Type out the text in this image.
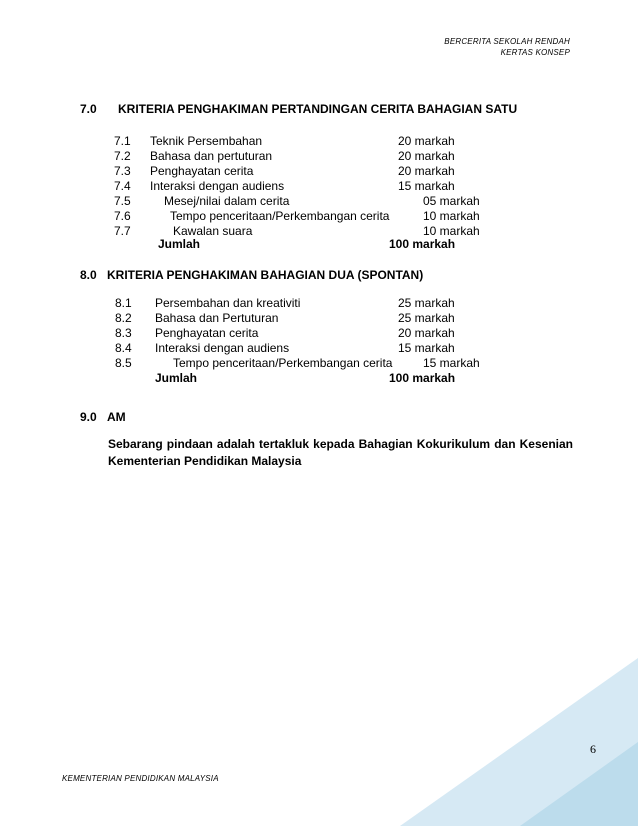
BERCERITA SEKOLAH RENDAH
KERTAS KONSEP
7.0 KRITERIA PENGHAKIMAN PERTANDINGAN CERITA BAHAGIAN SATU
7.1 Teknik Persembahan	20 markah
7.2 Bahasa dan pertuturan	20 markah
7.3 Penghayatan cerita	20 markah
7.4 Interaksi dengan audiens	15 markah
7.5	Mesej/nilai dalam cerita	05 markah
7.6	Tempo penceritaan/Perkembangan cerita	10 markah
7.7	Kawalan suara	10 markah
Jumlah	100 markah
8.0 KRITERIA PENGHAKIMAN BAHAGIAN DUA (SPONTAN)
8.1 Persembahan dan kreativiti	25 markah
8.2 Bahasa dan Pertuturan	25 markah
8.3 Penghayatan cerita	20 markah
8.4 Interaksi dengan audiens	15 markah
8.5	Tempo penceritaan/Perkembangan cerita	15 markah
Jumlah	100 markah
9.0 AM
Sebarang pindaan adalah tertakluk kepada Bahagian Kokurikulum dan Kesenian Kementerian Pendidikan Malaysia
6
KEMENTERIAN PENDIDIKAN MALAYSIA
